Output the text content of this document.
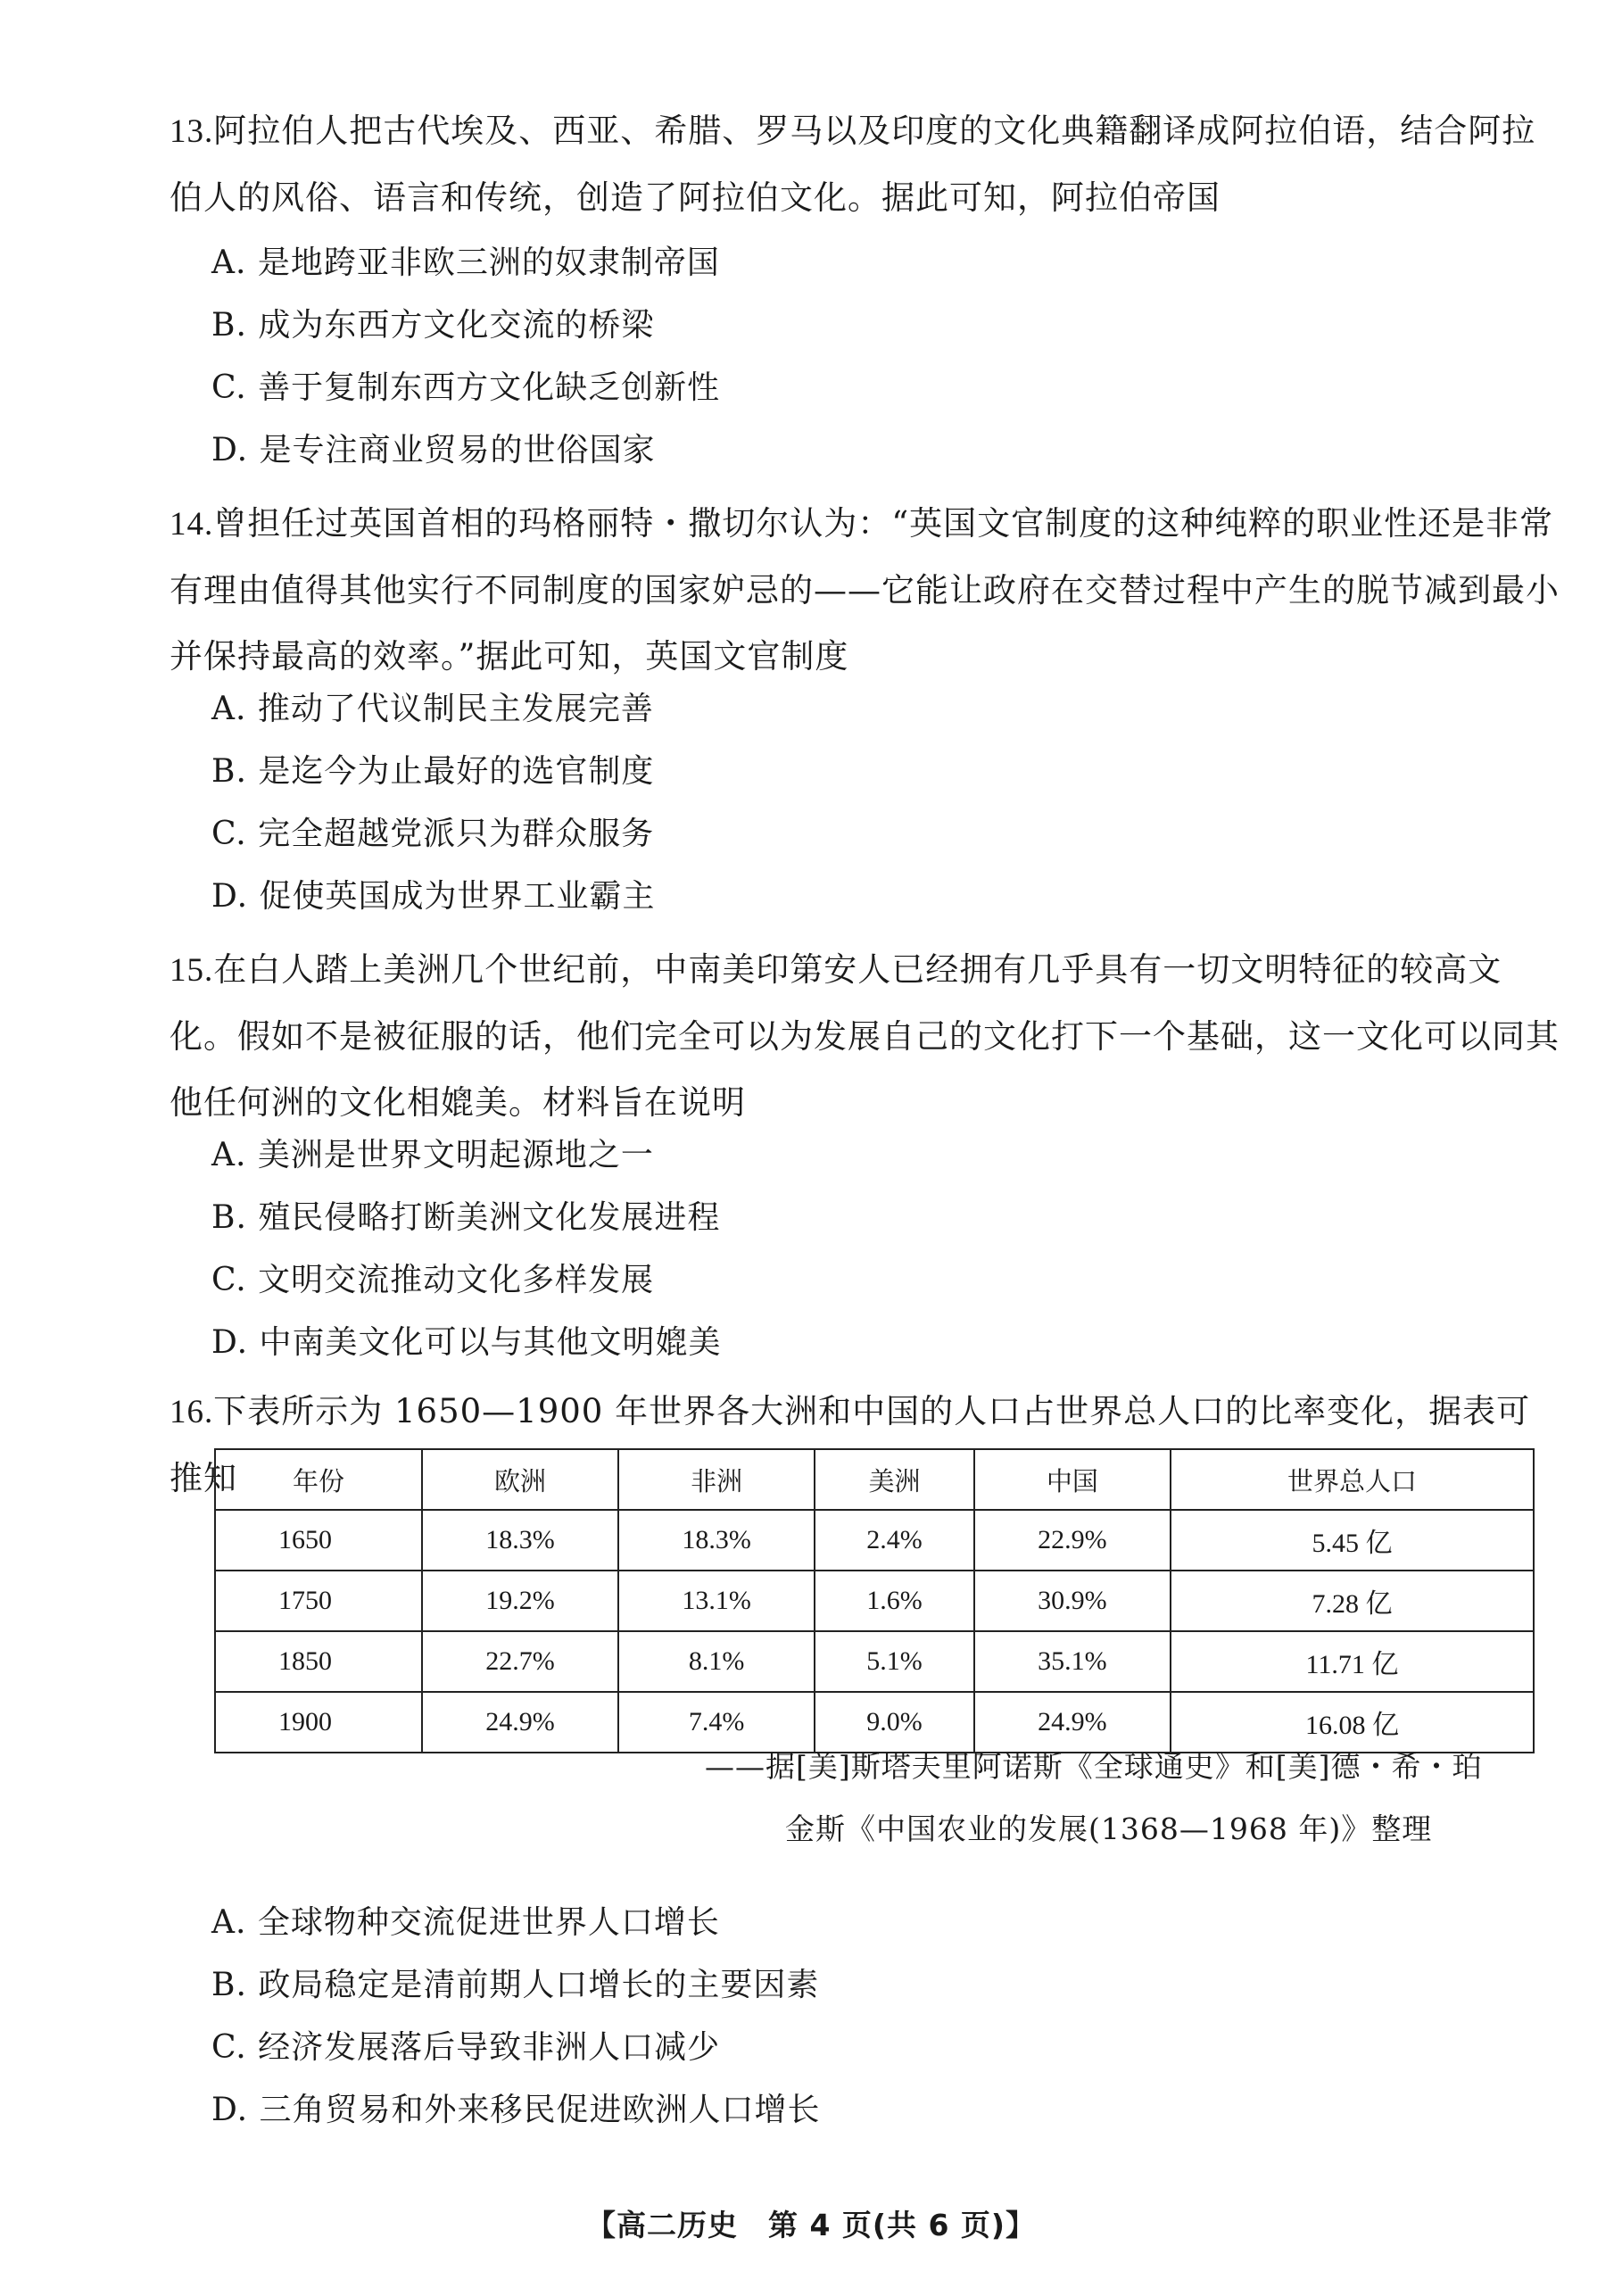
13.阿拉伯人把古代埃及、西亚、希腊、罗马以及印度的文化典籍翻译成阿拉伯语，结合阿拉伯人的风俗、语言和传统，创造了阿拉伯文化。据此可知，阿拉伯帝国
A. 是地跨亚非欧三洲的奴隶制帝国
B. 成为东西方文化交流的桥梁
C. 善于复制东西方文化缺乏创新性
D. 是专注商业贸易的世俗国家
14.曾担任过英国首相的玛格丽特・撒切尔认为：“英国文官制度的这种纯粹的职业性还是非常有理由值得其他实行不同制度的国家妒忌的——它能让政府在交替过程中产生的脱节减到最小并保持最高的效率。”据此可知，英国文官制度
A. 推动了代议制民主发展完善
B. 是迄今为止最好的选官制度
C. 完全超越党派只为群众服务
D. 促使英国成为世界工业霸主
15.在白人踏上美洲几个世纪前，中南美印第安人已经拥有几乎具有一切文明特征的较高文化。假如不是被征服的话，他们完全可以为发展自己的文化打下一个基础，这一文化可以同其他任何洲的文化相媲美。材料旨在说明
A. 美洲是世界文明起源地之一
B. 殖民侵略打断美洲文化发展进程
C. 文明交流推动文化多样发展
D. 中南美文化可以与其他文明媲美
16.下表所示为 1650—1900 年世界各大洲和中国的人口占世界总人口的比率变化，据表可推知	年份	欧洲	非洲	美洲	中国	世界总人口
1650	18.3%	18.3%	2.4%	22.9%	5.45 亿
1750	19.2%	13.1%	1.6%	30.9%	7.28 亿
1850	22.7%	8.1%	5.1%	35.1%	11.71 亿
1900	24.9%	7.4%	9.0%	24.9%	16.08 亿
——据[美]斯塔夫里阿诺斯《全球通史》和[美]德・希・珀
金斯《中国农业的发展(1368—1968 年)》整理
A. 全球物种交流促进世界人口增长
B. 政局稳定是清前期人口增长的主要因素
C. 经济发展落后导致非洲人口减少
D. 三角贸易和外来移民促进欧洲人口增长
【高二历史　第 4 页(共 6 页)】
